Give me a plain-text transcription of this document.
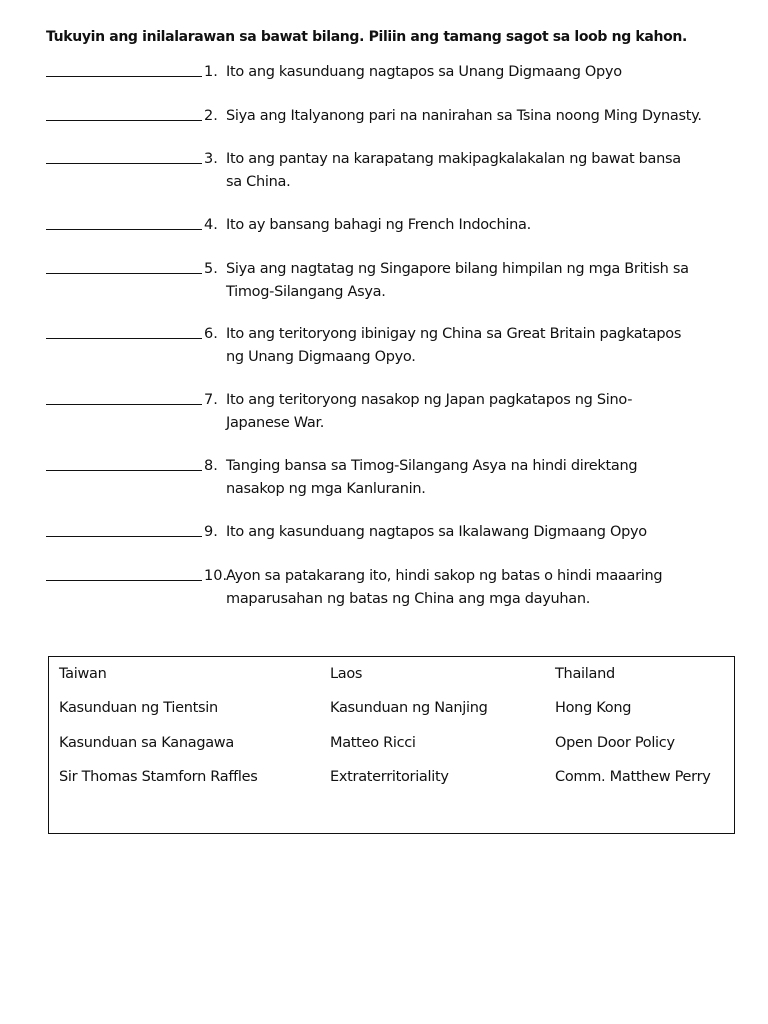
Tukuyin ang inilalarawan sa bawat bilang. Piliin ang tamang sagot sa loob ng kahon.
1. Ito ang kasunduang nagtapos sa Unang Digmaang Opyo
2. Siya ang Italyanong pari na nanirahan sa Tsina noong Ming Dynasty.
3. Ito ang pantay na karapatang makipagkalakalan ng bawat bansa
sa China.
4. Ito ay bansang bahagi ng French Indochina.
5. Siya ang nagtatag ng Singapore bilang himpilan ng mga British sa
Timog-Silangang Asya.
6. Ito ang teritoryong ibinigay ng China sa Great Britain pagkatapos
ng Unang Digmaang Opyo.
7. Ito ang teritoryong nasakop ng Japan pagkatapos ng Sino-
Japanese War.
8. Tanging bansa sa Timog-Silangang Asya na hindi direktang
nasakop ng mga Kanluranin.
9. Ito ang kasunduang nagtapos sa Ikalawang Digmaang Opyo
10.
Ayon sa patakarang ito, hindi sakop ng batas o hindi maaaring
maparusahan ng batas ng China ang mga dayuhan.
Taiwan	Laos	Thailand
Kasunduan ng Tientsin	Kasunduan ng Nanjing	Hong Kong
Kasunduan sa Kanagawa	Matteo Ricci	Open Door Policy
Sir Thomas Stamforn Raffles	Extraterritoriality	Comm. Matthew Perry
